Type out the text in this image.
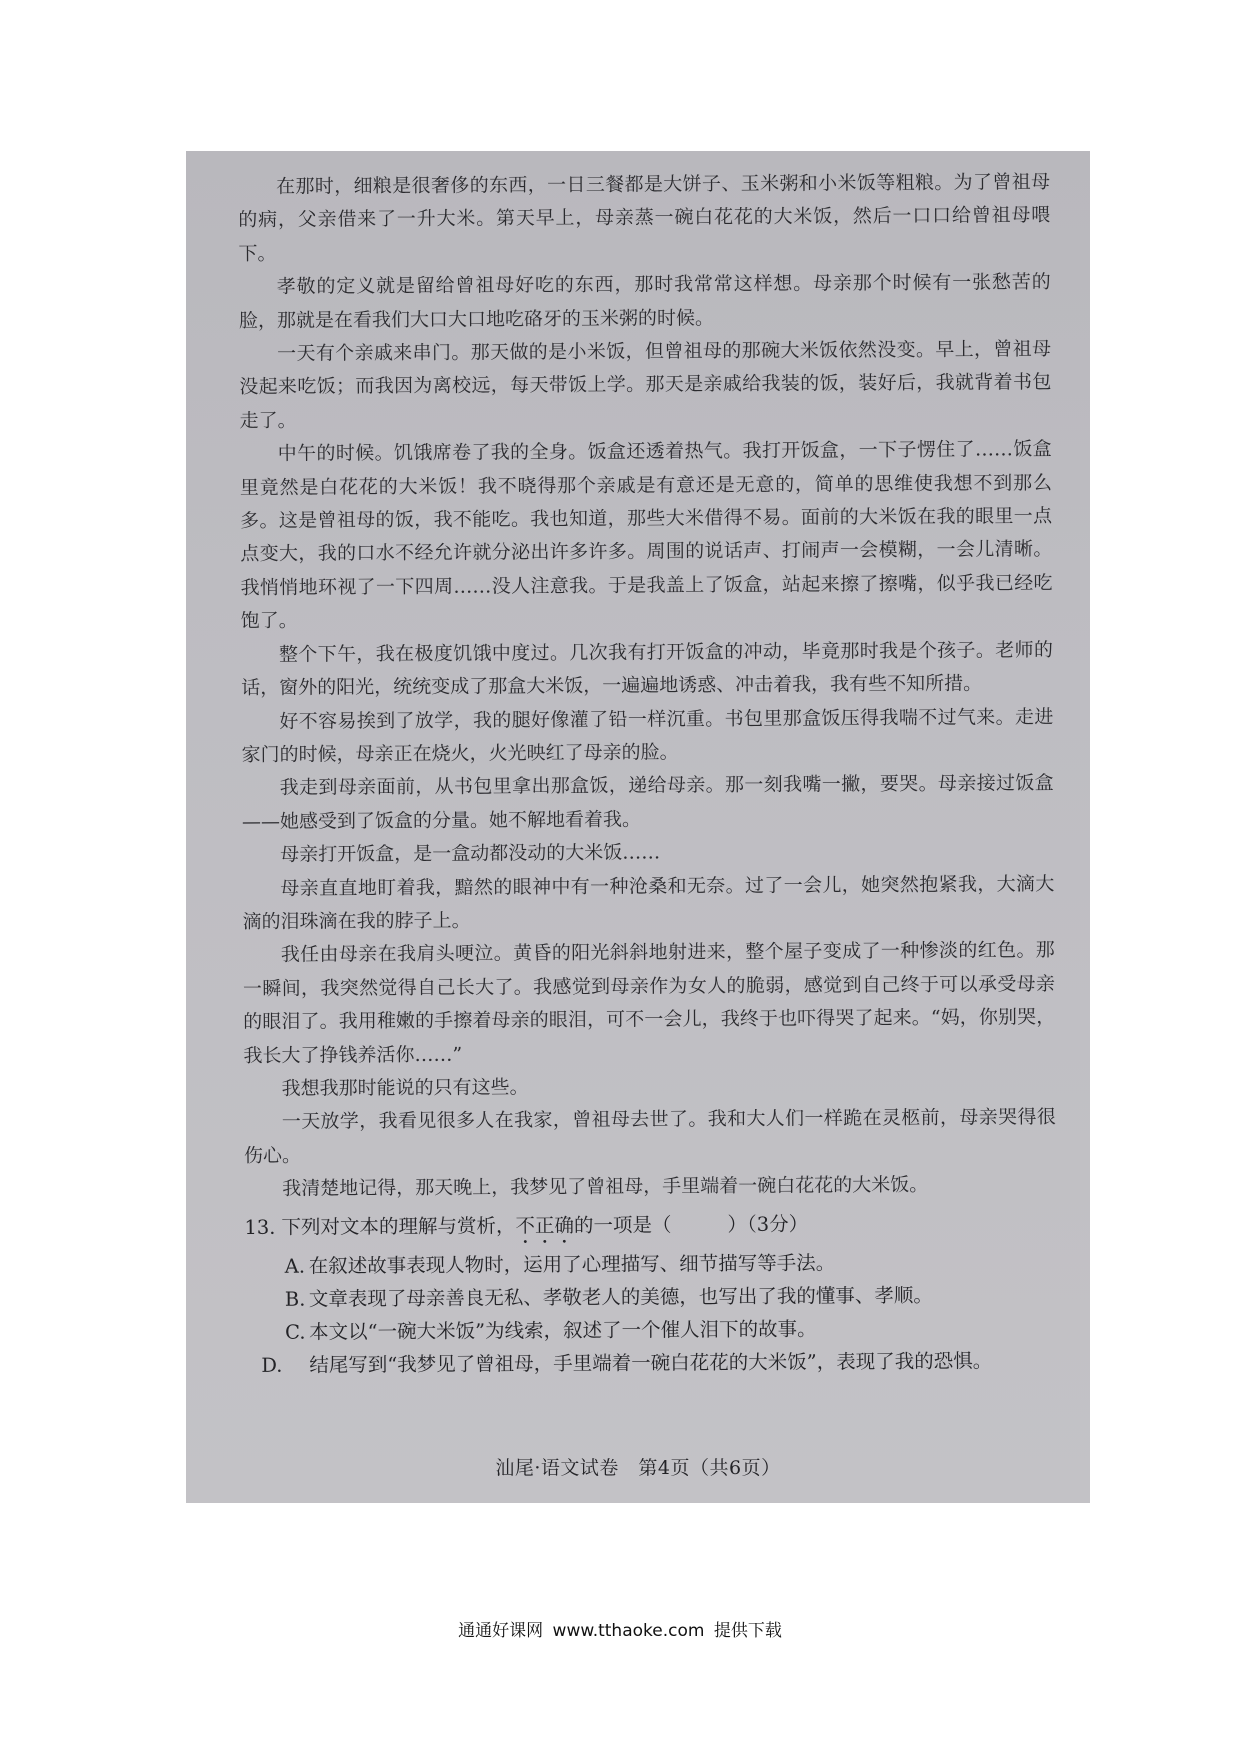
在那时，细粮是很奢侈的东西，一日三餐都是大饼子、玉米粥和小米饭等粗粮。为了曾祖母的病，父亲借来了一升大米。第天早上，母亲蒸一碗白花花的大米饭，然后一口口给曾祖母喂下。

孝敬的定义就是留给曾祖母好吃的东西，那时我常常这样想。母亲那个时候有一张愁苦的脸，那就是在看我们大口大口地吃硌牙的玉米粥的时候。

一天有个亲戚来串门。那天做的是小米饭，但曾祖母的那碗大米饭依然没变。早上，曾祖母没起来吃饭；而我因为离校远，每天带饭上学。那天是亲戚给我装的饭，装好后，我就背着书包走了。

中午的时候。饥饿席卷了我的全身。饭盒还透着热气。我打开饭盒，一下子愣住了……饭盒里竟然是白花花的大米饭！我不晓得那个亲戚是有意还是无意的，简单的思维使我想不到那么多。这是曾祖母的饭，我不能吃。我也知道，那些大米借得不易。面前的大米饭在我的眼里一点点变大，我的口水不经允许就分泌出许多许多。周围的说话声、打闹声一会模糊，一会儿清晰。我悄悄地环视了一下四周……没人注意我。于是我盖上了饭盒，站起来擦了擦嘴，似乎我已经吃饱了。

整个下午，我在极度饥饿中度过。几次我有打开饭盒的冲动，毕竟那时我是个孩子。老师的话，窗外的阳光，统统变成了那盒大米饭，一遍遍地诱惑、冲击着我，我有些不知所措。

好不容易挨到了放学，我的腿好像灌了铅一样沉重。书包里那盒饭压得我喘不过气来。走进家门的时候，母亲正在烧火，火光映红了母亲的脸。

我走到母亲面前，从书包里拿出那盒饭，递给母亲。那一刻我嘴一撇，要哭。母亲接过饭盒——她感受到了饭盒的分量。她不解地看着我。

母亲打开饭盒，是一盒动都没动的大米饭……

母亲直直地盯着我，黯然的眼神中有一种沧桑和无奈。过了一会儿，她突然抱紧我，大滴大滴的泪珠滴在我的脖子上。

我任由母亲在我肩头哽泣。黄昏的阳光斜斜地射进来，整个屋子变成了一种惨淡的红色。那一瞬间，我突然觉得自己长大了。我感觉到母亲作为女人的脆弱，感觉到自己终于可以承受母亲的眼泪了。我用稚嫩的手擦着母亲的眼泪，可不一会儿，我终于也吓得哭了起来。“妈，你别哭，我长大了挣钱养活你……”

我想我那时能说的只有这些。

一天放学，我看见很多人在我家，曾祖母去世了。我和大人们一样跪在灵柩前，母亲哭得很伤心。

我清楚地记得，那天晚上，我梦见了曾祖母，手里端着一碗白花花的大米饭。

13. 下列对文本的理解与赏析，不正确的一项是（	）（3分）

A. 在叙述故事表现人物时，运用了心理描写、细节描写等手法。

B. 文章表现了母亲善良无私、孝敬老人的美德，也写出了我的懂事、孝顺。

C. 本文以“一碗大米饭”为线索，叙述了一个催人泪下的故事。

D. 结尾写到“我梦见了曾祖母，手里端着一碗白花花的大米饭”，表现了我的恐惧。

汕尾·语文试卷　第4页（共6页）
通通好课网 www.tthaoke.com 提供下载
